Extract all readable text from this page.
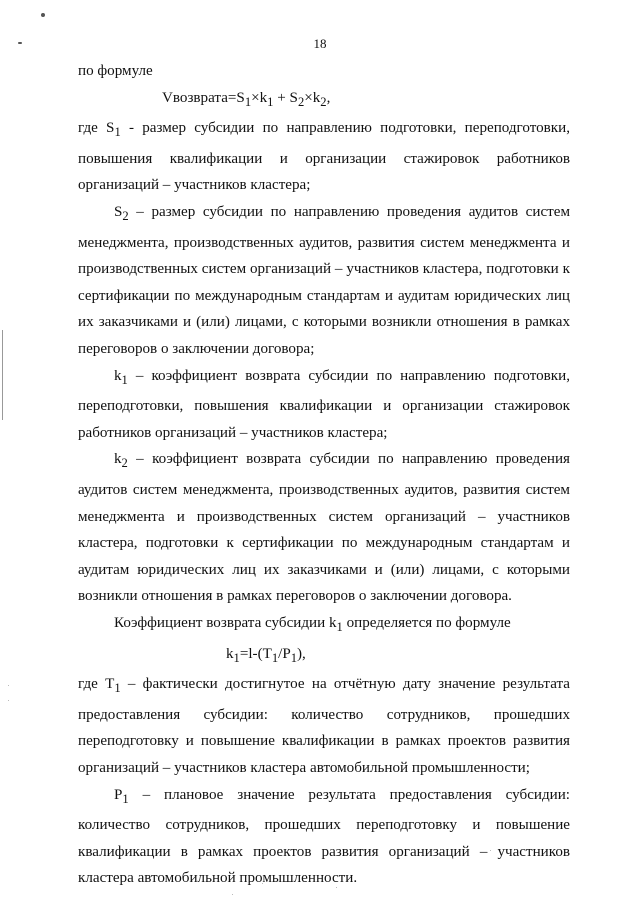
18

по формуле

$Vвозврата=S_1\times k_1 + S_2\times k_2$,

где $S_1$ - размер субсидии по направлению подготовки, переподготовки, повышения квалификации и организации стажировок работников организаций – участников кластера;

$S_2$ – размер субсидии по направлению проведения аудитов систем менеджмента, производственных аудитов, развития систем менеджмента и производственных систем организаций – участников кластера, подготовки к сертификации по международным стандартам и аудитам юридических лиц их заказчиками и (или) лицами, с которыми возникли отношения в рамках переговоров о заключении договора;

$k_1$ – коэффициент возврата субсидии по направлению подготовки, переподготовки, повышения квалификации и организации стажировок работников организаций – участников кластера;

$k_2$ – коэффициент возврата субсидии по направлению проведения аудитов систем менеджмента, производственных аудитов, развития систем менеджмента и производственных систем организаций – участников кластера, подготовки к сертификации по международным стандартам и аудитам юридических лиц их заказчиками и (или) лицами, с которыми возникли отношения в рамках переговоров о заключении договора.

Коэффициент возврата субсидии $k_1$ определяется по формуле

$k_1=l-(T_1/P_1)$,

где $T_1$ – фактически достигнутое на отчётную дату значение результата предоставления субсидии: количество сотрудников, прошедших переподготовку и повышение квалификации в рамках проектов развития организаций – участников кластера автомобильной промышленности;

$P_1$ – плановое значение результата предоставления субсидии: количество сотрудников, прошедших переподготовку и повышение квалификации в рамках проектов развития организаций – участников кластера автомобильной промышленности.
